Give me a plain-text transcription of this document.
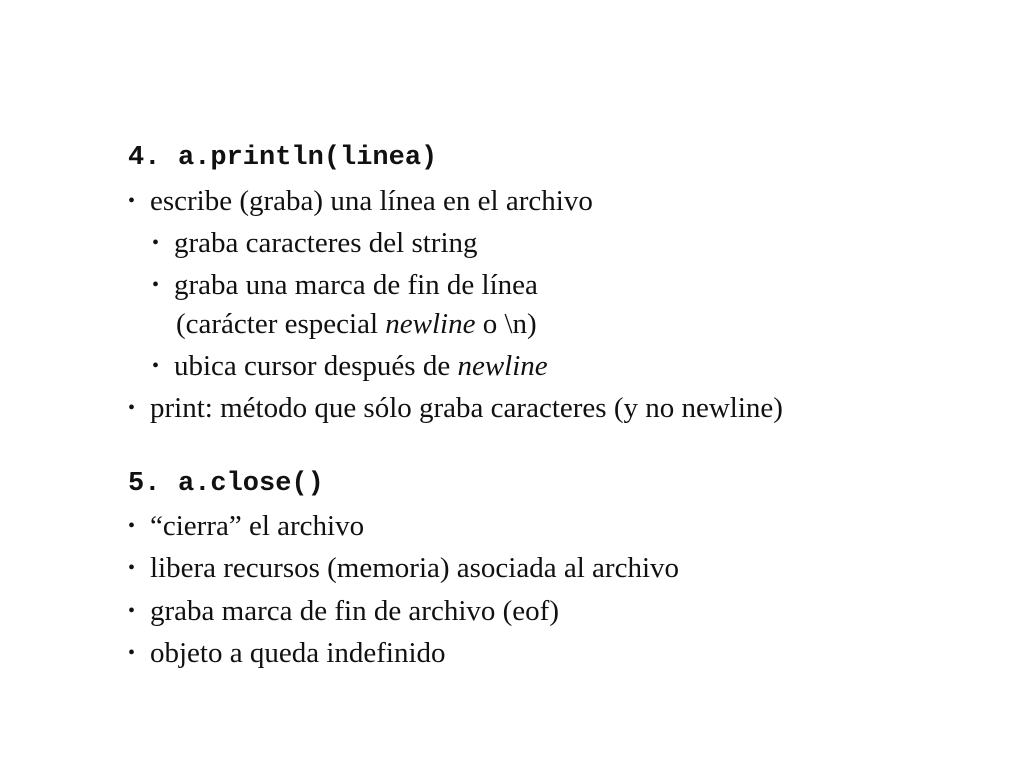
4. a.println(linea)
• escribe (graba) una línea en el archivo
• graba caracteres del string
• graba una marca de fin de línea
(carácter especial newline o \n)
• ubica cursor después de newline
• print: método que sólo graba caracteres (y no newline)
5. a.close()
• “cierra” el archivo
• libera recursos (memoria) asociada al archivo
• graba marca de fin de archivo (eof)
• objeto a queda indefinido
